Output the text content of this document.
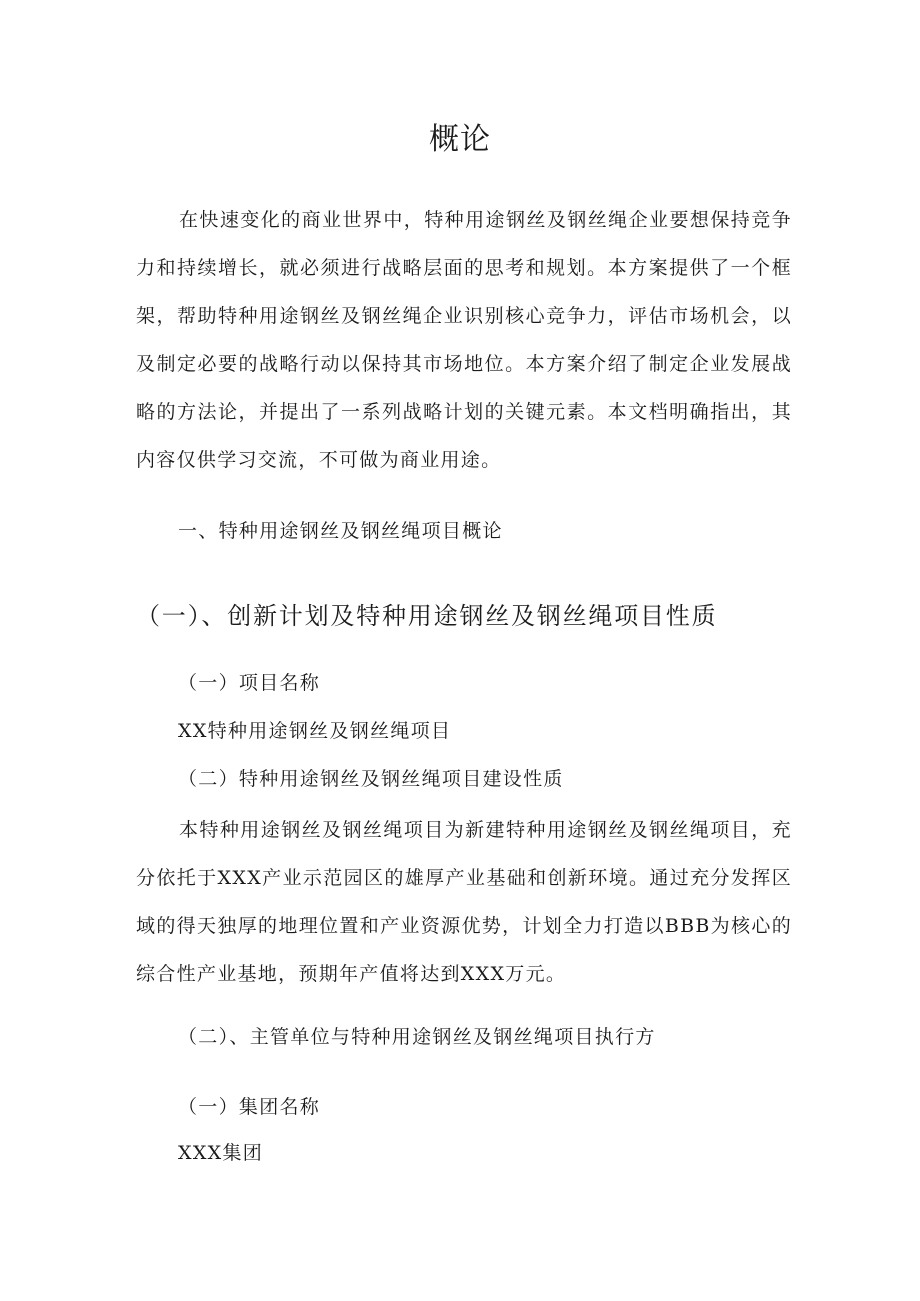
概论

在快速变化的商业世界中，特种用途钢丝及钢丝绳企业要想保持竞争力和持续增长，就必须进行战略层面的思考和规划。本方案提供了一个框架，帮助特种用途钢丝及钢丝绳企业识别核心竞争力，评估市场机会，以及制定必要的战略行动以保持其市场地位。本方案介绍了制定企业发展战略的方法论，并提出了一系列战略计划的关键元素。本文档明确指出，其内容仅供学习交流，不可做为商业用途。

一、特种用途钢丝及钢丝绳项目概论

（一）、创新计划及特种用途钢丝及钢丝绳项目性质

（一）项目名称

XX特种用途钢丝及钢丝绳项目

（二）特种用途钢丝及钢丝绳项目建设性质

本特种用途钢丝及钢丝绳项目为新建特种用途钢丝及钢丝绳项目，充分依托于XXX产业示范园区的雄厚产业基础和创新环境。通过充分发挥区域的得天独厚的地理位置和产业资源优势，计划全力打造以BBB为核心的综合性产业基地，预期年产值将达到XXX万元。

（二）、主管单位与特种用途钢丝及钢丝绳项目执行方

（一）集团名称

XXX集团
